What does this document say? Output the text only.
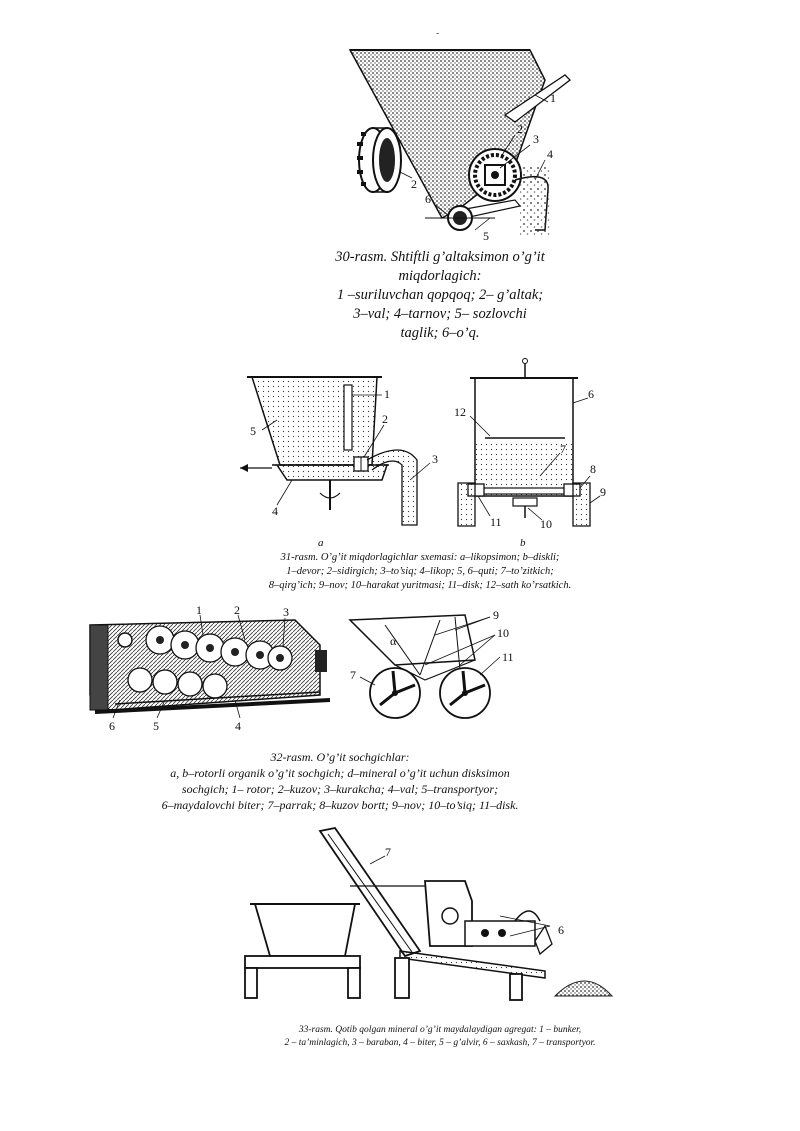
-
1
2
3
4
5
6
2
30-rasm. Shtiftli g’altaksimon o’g’it
miqdorlagich:
1 –suriluvchan qopqoq; 2– g’altak;
3–val; 4–tarnov; 5– sozlovchi
taglik; 6–o’q.
1
2
3
4
5
6
7
8
9
10
11
12
a	b
31-rasm. O’g’it miqdorlagichlar sxemasi: a–likopsimon; b–diskli;
1–devor; 2–sidirgich; 3–to’siq; 4–likop; 5, 6–quti; 7–to’zitkich;
8–qirg’ich; 9–nov; 10–harakat yuritmasi; 11–disk; 12–sath ko’rsatkich.
1	2	3
4
5
6
9
10
11
7
α
32-rasm. O’g’it sochgichlar:
a, b–rotorli organik o’g’it sochgich; d–mineral o’g’it uchun disksimon
sochgich; 1– rotor; 2–kuzov; 3–kurakcha; 4–val; 5–transportyor;
6–maydalovchi biter; 7–parrak; 8–kuzov bortt; 9–nov; 10–to’siq; 11–disk.
7
6
33-rasm. Qotib qolgan mineral o’g’it maydalaydigan agregat: 1 – bunker,
2 – ta’minlagich, 3 – baraban, 4 – biter, 5 – g’alvir, 6 – saxkash, 7 – transportyor.
